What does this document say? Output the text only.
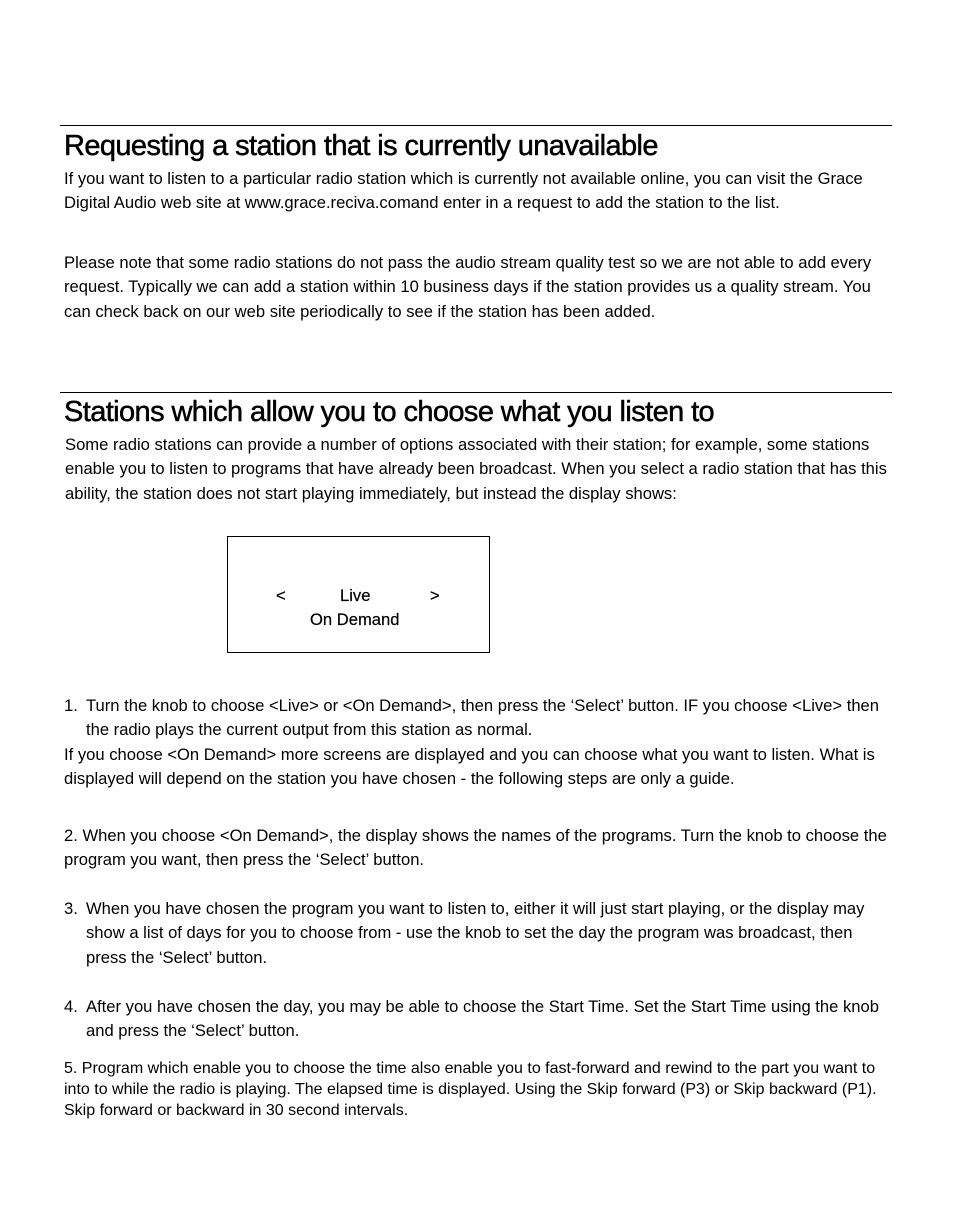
Requesting a station that is currently unavailable

If you want to listen to a particular radio station which is currently not available online, you can visit the Grace Digital Audio web site at www.grace.reciva.comand enter in a request to add the station to the list.

Please note that some radio stations do not pass the audio stream quality test so we are not able to add every request. Typically we can add a station within 10 business days if the station provides us a quality stream. You can check back on our web site periodically to see if the station has been added.

Stations which allow you to choose what you listen to

Some radio stations can provide a number of options associated with their station; for example, some stations enable you to listen to programs that have already been broadcast. When you select a radio station that has this ability, the station does not start playing immediately, but instead the display shows:

<	Live	>
On Demand
1. Turn the knob to choose <Live> or <On Demand>, then press the ‘Select’ button. IF you choose <Live> then the radio plays the current output from this station as normal.

If you choose <On Demand> more screens are displayed and you can choose what you want to listen. What is displayed will depend on the station you have chosen - the following steps are only a guide.

2. When you choose <On Demand>, the display shows the names of the programs. Turn the knob to choose the program you want, then press the ‘Select’ button.

3. When you have chosen the program you want to listen to, either it will just start playing, or the display may show a list of days for you to choose from - use the knob to set the day the program was broadcast, then press the ‘Select’ button.
4. After you have chosen the day, you may be able to choose the Start Time. Set the Start Time using the knob and press the ‘Select’ button.

5. Program which enable you to choose the time also enable you to fast-forward and rewind to the part you want to into to while the radio is playing. The elapsed time is displayed. Using the Skip forward (P3) or Skip backward (P1). Skip forward or backward in 30 second intervals.
